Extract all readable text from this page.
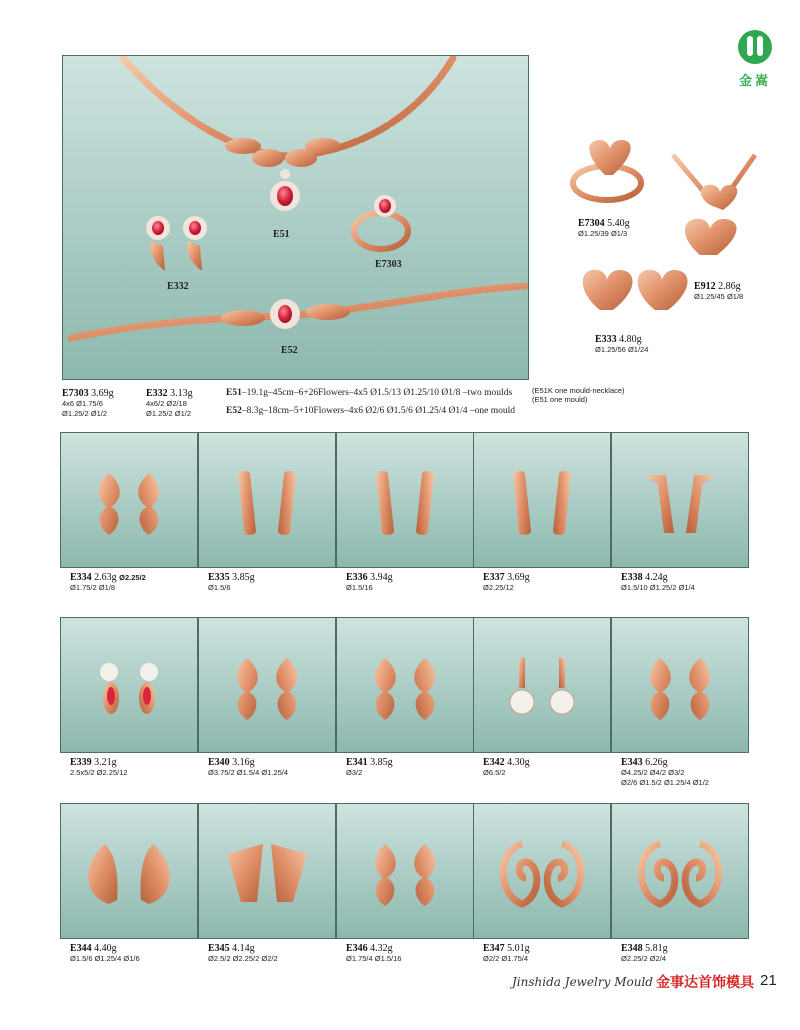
金嵩
E51
E332
E7303
E52
E7304 5.40g
Ø1.25/39 Ø1/3
E912 2.86g
Ø1.25/45 Ø1/8
E333 4.80g
Ø1.25/56 Ø1/24
E7303 3.69g
4x6 Ø1.75/6
Ø1.25/2 Ø1/2
E332 3.13g
4x6/2 Ø2/18
Ø1.25/2 Ø1/2
E51–19.1g–45cm–6+26Flowers–4x5 Ø1.5/13 Ø1.25/10 Ø1/8 –two moulds
E52–8.3g–18cm–5+10Flowers–4x6 Ø2/6 Ø1.5/6 Ø1.25/4 Ø1/4 –one mould
(E51K one mould-necklace)
(E51 one mould)
E334 2.63g Ø2.25/2
Ø1.75/2 Ø1/8
E335 3.85g
Ø1.5/6
E336 3.94g
Ø1.5/16
E337 3.69g
Ø2.25/12
E338 4.24g
Ø1.5/10 Ø1.25/2 Ø1/4
E339 3.21g
2.5x5/2 Ø2.25/12
E340 3.16g
Ø3.75/2 Ø1.5/4 Ø1.25/4
E341 3.85g
Ø3/2
E342 4.30g
Ø6.5/2
E343 6.26g
Ø4.25/2 Ø4/2 Ø3/2
Ø2/6 Ø1.5/2 Ø1.25/4 Ø1/2
E344 4.40g
Ø1.5/6 Ø1.25/4 Ø1/6
E345 4.14g
Ø2.5/2 Ø2.25/2 Ø2/2
E346 4.32g
Ø1.75/4 Ø1.5/16
E347 5.01g
Ø2/2 Ø1.75/4
E348 5.81g
Ø2.25/2 Ø2/4
Jinshida Jewelry Mould 金事达首饰模具 21
